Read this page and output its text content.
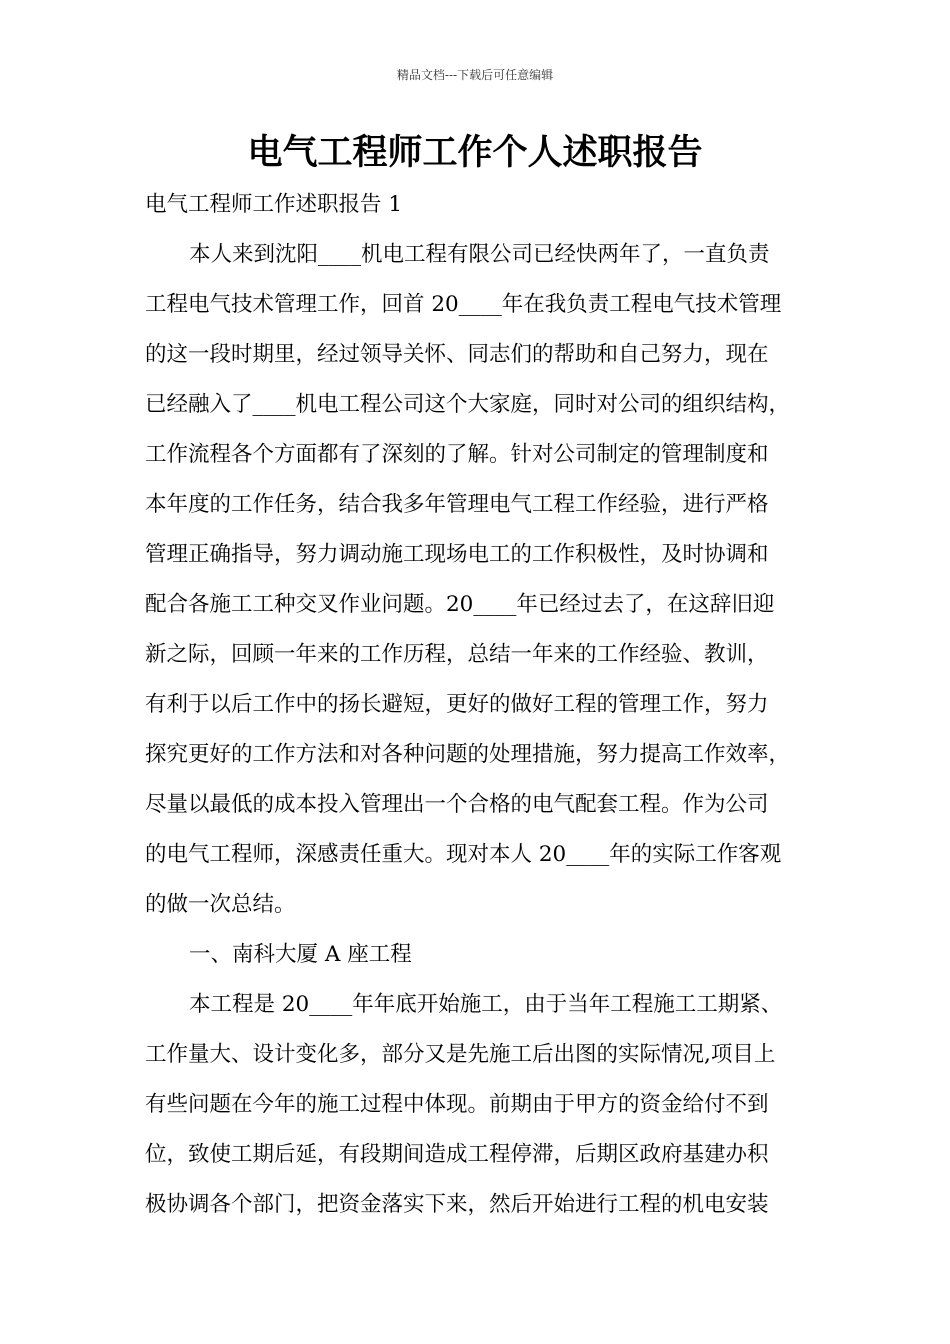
精品文档---下载后可任意编辑
电气工程师工作个人述职报告
电气工程师工作述职报告 1
本人来到沈阳____机电工程有限公司已经快两年了，一直负责
工程电气技术管理工作，回首 20____年在我负责工程电气技术管理
的这一段时期里，经过领导关怀、同志们的帮助和自己努力，现在
已经融入了____机电工程公司这个大家庭，同时对公司的组织结构，
工作流程各个方面都有了深刻的了解。针对公司制定的管理制度和
本年度的工作任务，结合我多年管理电气工程工作经验，进行严格
管理正确指导，努力调动施工现场电工的工作积极性，及时协调和
配合各施工工种交叉作业问题。20____年已经过去了，在这辞旧迎
新之际，回顾一年来的工作历程，总结一年来的工作经验、教训，
有利于以后工作中的扬长避短，更好的做好工程的管理工作，努力
探究更好的工作方法和对各种问题的处理措施，努力提高工作效率，
尽量以最低的成本投入管理出一个合格的电气配套工程。作为公司
的电气工程师，深感责任重大。现对本人 20____年的实际工作客观
的做一次总结。
一、南科大厦 A 座工程
本工程是 20____年年底开始施工，由于当年工程施工工期紧、
工作量大、设计变化多，部分又是先施工后出图的实际情况,项目上
有些问题在今年的施工过程中体现。前期由于甲方的资金给付不到
位，致使工期后延，有段期间造成工程停滞，后期区政府基建办积
极协调各个部门，把资金落实下来，然后开始进行工程的机电安装
